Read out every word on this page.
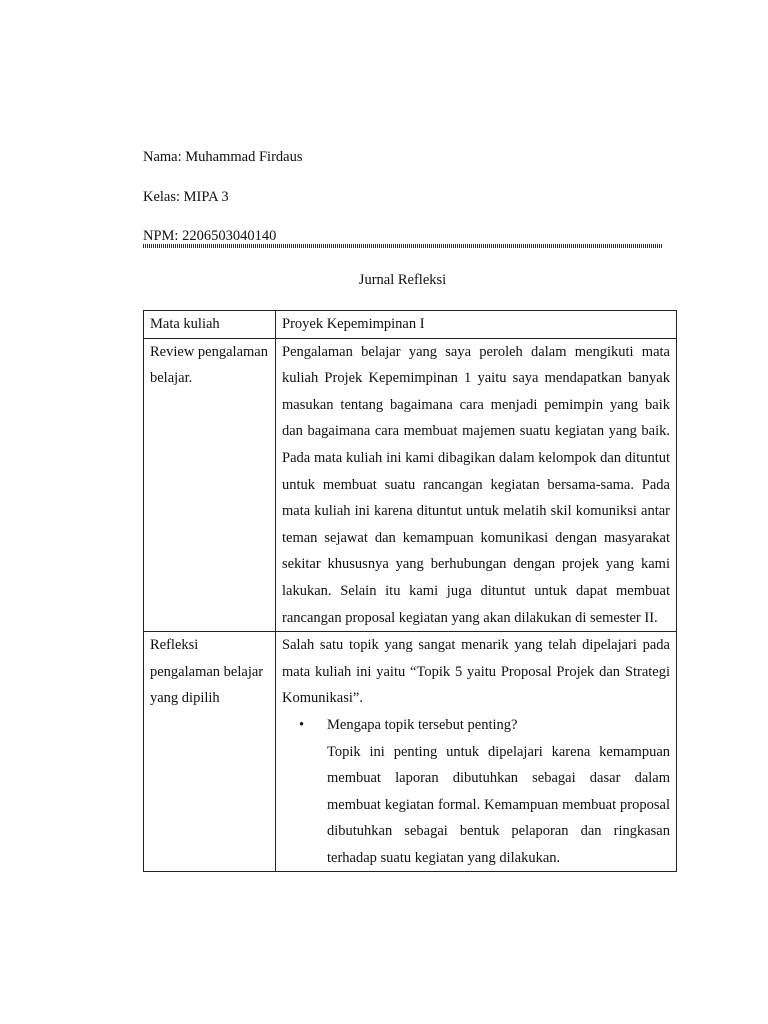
Nama: Muhammad Firdaus
Kelas: MIPA 3
NPM: 2206503040140
Jurnal Refleksi
Mata kuliah	Proyek Kepemimpinan I
Review pengalaman belajar.	Pengalaman belajar yang saya peroleh dalam mengikuti mata kuliah Projek Kepemimpinan 1 yaitu saya mendapatkan banyak masukan tentang bagaimana cara menjadi pemimpin yang baik dan bagaimana cara membuat majemen suatu kegiatan yang baik. Pada mata kuliah ini kami dibagikan dalam kelompok dan dituntut untuk membuat suatu rancangan kegiatan bersama-sama. Pada mata kuliah ini karena dituntut untuk melatih skil komuniksi antar teman sejawat dan kemampuan komunikasi dengan masyarakat sekitar khususnya yang berhubungan dengan projek yang kami lakukan. Selain itu kami juga dituntut untuk dapat membuat rancangan proposal kegiatan yang akan dilakukan di semester II.
Refleksi pengalaman belajar yang dipilih	Salah satu topik yang sangat menarik yang telah dipelajari pada mata kuliah ini yaitu “Topik 5 yaitu Proposal Projek dan Strategi Komunikasi”.
• Mengapa topik tersebut penting?
Topik ini penting untuk dipelajari karena kemampuan membuat laporan dibutuhkan sebagai dasar dalam membuat kegiatan formal. Kemampuan membuat proposal dibutuhkan sebagai bentuk pelaporan dan ringkasan terhadap suatu kegiatan yang dilakukan.
